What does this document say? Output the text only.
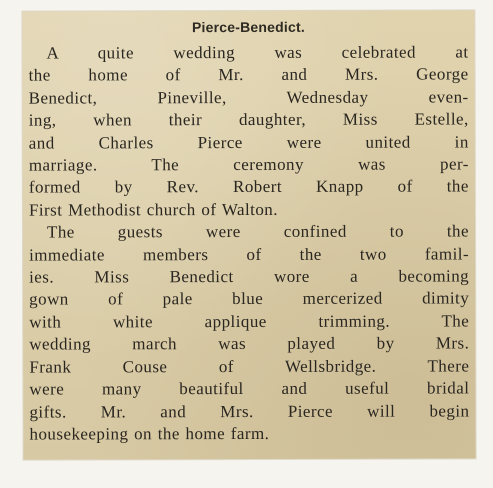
Pierce-Benedict.
A quite wedding was celebrated at
the home of Mr. and Mrs. George
Benedict, Pineville, Wednesday even-
ing, when their daughter, Miss Estelle,
and Charles Pierce were united in
marriage. The ceremony was per-
formed by Rev. Robert Knapp of the
First Methodist church of Walton.
The guests were confined to the
immediate members of the two famil-
ies. Miss Benedict wore a becoming
gown of pale blue mercerized dimity
with white applique trimming. The
wedding march was played by Mrs.
Frank Couse of Wellsbridge. There
were many beautiful and useful bridal
gifts. Mr. and Mrs. Pierce will begin
housekeeping on the home farm.
